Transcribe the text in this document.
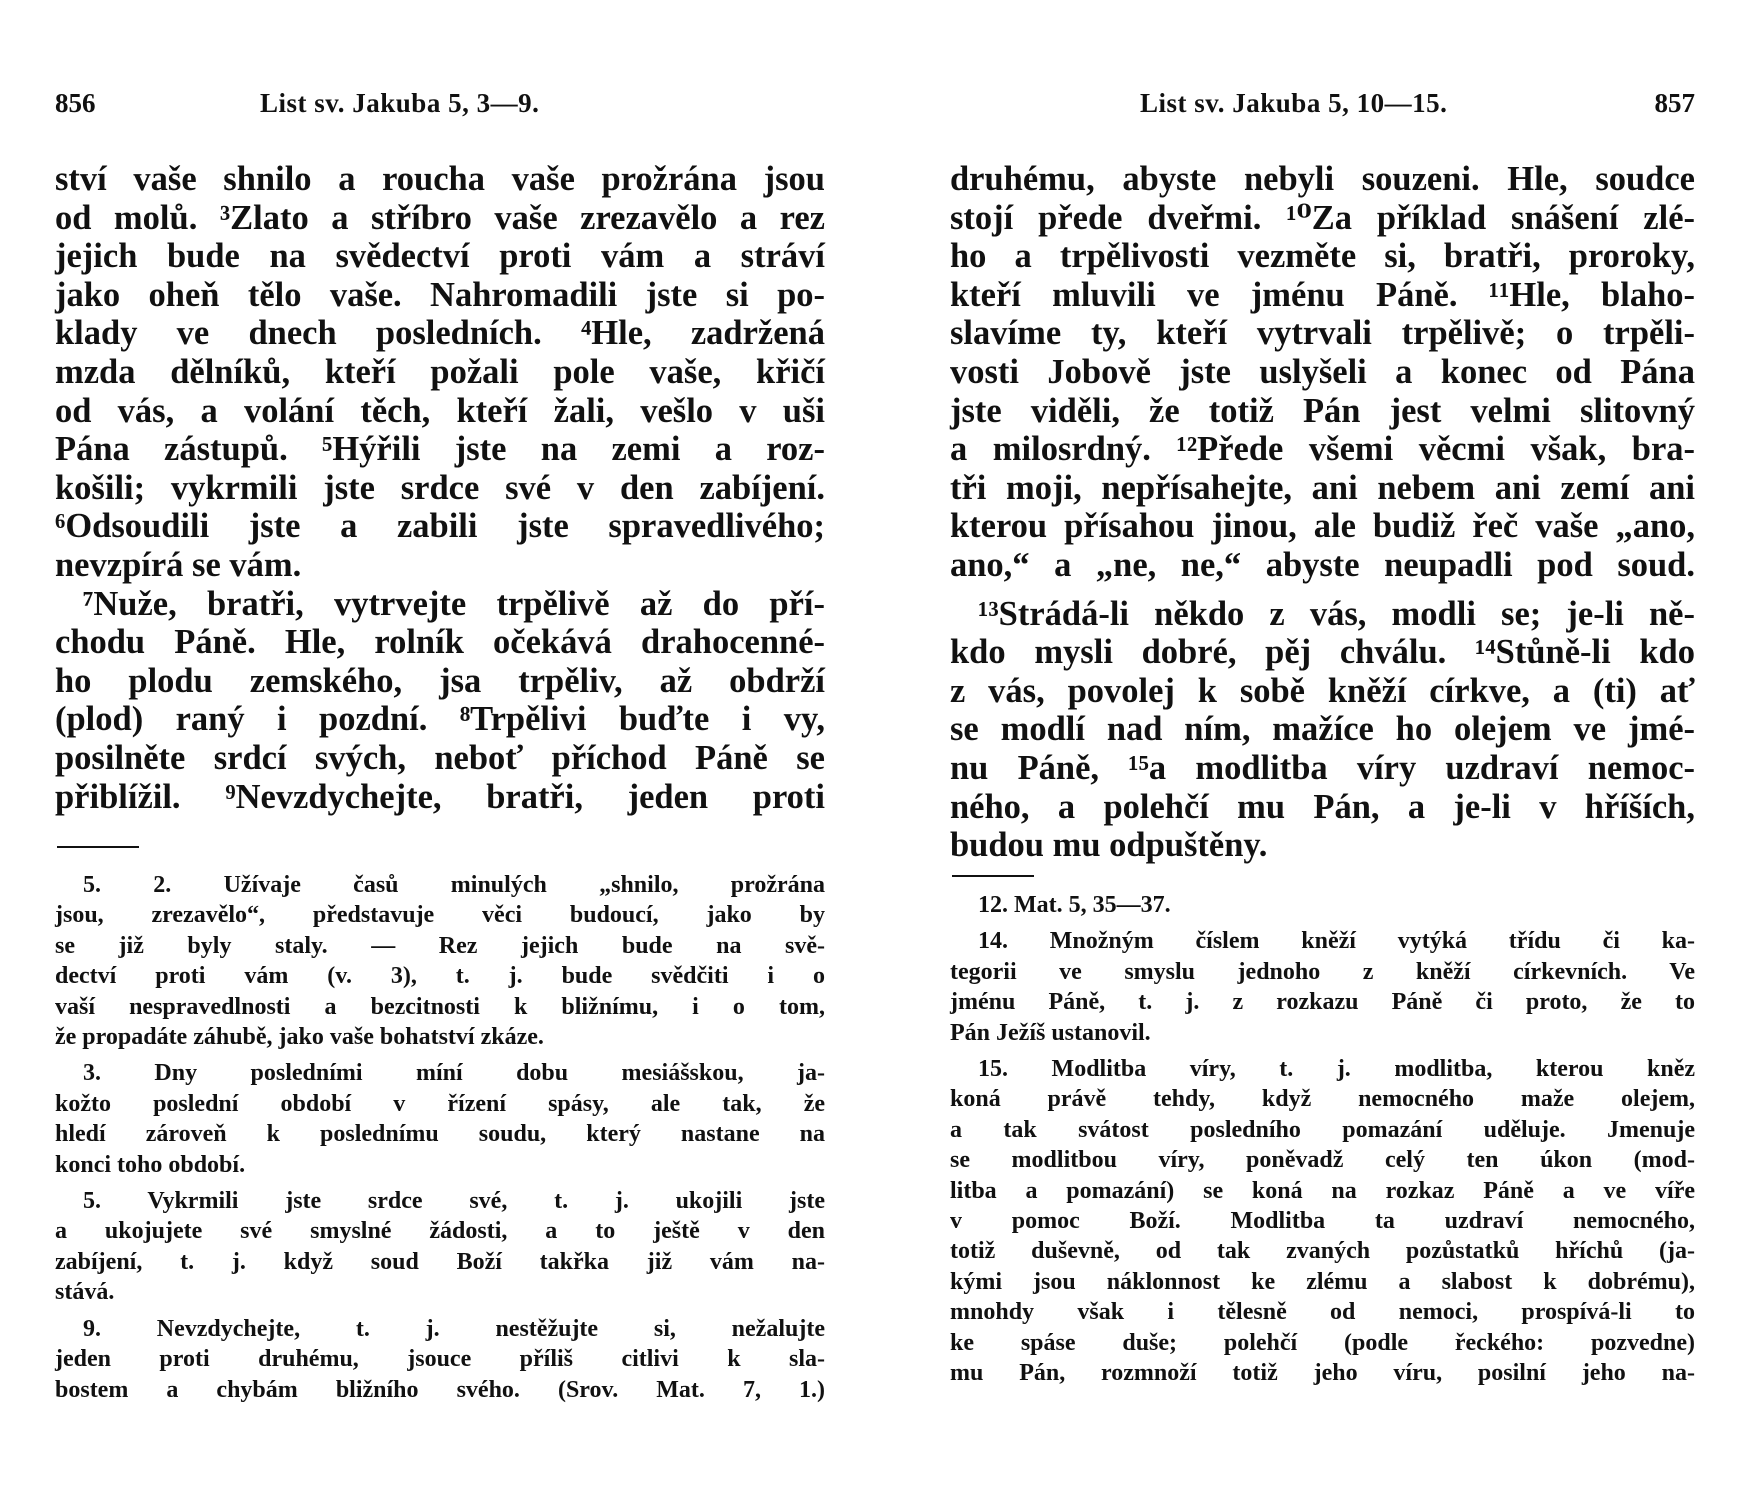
856	List sv. Jakuba 5, 3—9.
ství vaše shnilo a roucha vaše prožrána jsou
od molů. ³Zlato a stříbro vaše zrezavělo a rez
jejich bude na svědectví proti vám a stráví
jako oheň tělo vaše. Nahromadili jste si po-
klady ve dnech posledních. ⁴Hle, zadržená
mzda dělníků, kteří požali pole vaše, křičí
od vás, a volání těch, kteří žali, vešlo v uši
Pána zástupů. ⁵Hýřili jste na zemi a roz-
košili; vykrmili jste srdce své v den zabíjení.
⁶Odsoudili jste a zabili jste spravedlivého;
nevzpírá se vám.
⁷Nuže, bratři, vytrvejte trpělivě až do pří-
chodu Páně. Hle, rolník očekává drahocenné-
ho plodu zemského, jsa trpěliv, až obdrží
(plod) raný i pozdní. ⁸Trpělivi buďte i vy,
posilněte srdcí svých, neboť příchod Páně se
přiblížil. ⁹Nevzdychejte, bratři, jeden proti
5. 2. Užívaje časů minulých „shnilo, prožrána
jsou, zrezavělo“, představuje věci budoucí, jako by
se již byly staly. — Rez jejich bude na svě-
dectví proti vám (v. 3), t. j. bude svědčiti i o
vaší nespravedlnosti a bezcitnosti k bližnímu, i o tom,
že propadáte záhubě, jako vaše bohatství zkáze.
3. Dny posledními míní dobu mesiášskou, ja-
kožto poslední období v řízení spásy, ale tak, že
hledí zároveň k poslednímu soudu, který nastane na
konci toho období.
5. Vykrmili jste srdce své, t. j. ukojili jste
a ukojujete své smyslné žádosti, a to ještě v den
zabíjení, t. j. když soud Boží takřka již vám na-
stává.
9. Nevzdychejte, t. j. nestěžujte si, nežalujte
jeden proti druhému, jsouce příliš citlivi k sla-
bostem a chybám bližního svého. (Srov. Mat. 7, 1.)
List sv. Jakuba 5, 10—15.	857
druhému, abyste nebyli souzeni. Hle, soudce
stojí přede dveřmi. ¹⁰Za příklad snášení zlé-
ho a trpělivosti vezměte si, bratři, proroky,
kteří mluvili ve jménu Páně. ¹¹Hle, blaho-
slavíme ty, kteří vytrvali trpělivě; o trpěli-
vosti Jobově jste uslyšeli a konec od Pána
jste viděli, že totiž Pán jest velmi slitovný
a milosrdný. ¹²Přede všemi věcmi však, bra-
tři moji, nepřísahejte, ani nebem ani zemí ani
kterou přísahou jinou, ale budiž řeč vaše „ano,
ano,“ a „ne, ne,“ abyste neupadli pod soud.
¹³Strádá-li někdo z vás, modli se; je-li ně-
kdo mysli dobré, pěj chválu. ¹⁴Stůně-li kdo
z vás, povolej k sobě kněží církve, a (ti) ať
se modlí nad ním, mažíce ho olejem ve jmé-
nu Páně, ¹⁵a modlitba víry uzdraví nemoc-
ného, a polehčí mu Pán, a je-li v hříších,
budou mu odpuštěny.
12. Mat. 5, 35—37.
14. Množným číslem kněží vytýká třídu či ka-
tegorii ve smyslu jednoho z kněží církevních. Ve
jménu Páně, t. j. z rozkazu Páně či proto, že to
Pán Ježíš ustanovil.
15. Modlitba víry, t. j. modlitba, kterou kněz
koná právě tehdy, když nemocného maže olejem,
a tak svátost posledního pomazání uděluje. Jmenuje
se modlitbou víry, poněvadž celý ten úkon (mod-
litba a pomazání) se koná na rozkaz Páně a ve víře
v pomoc Boží. Modlitba ta uzdraví nemocného,
totiž duševně, od tak zvaných pozůstatků hříchů (ja-
kými jsou náklonnost ke zlému a slabost k dobrému),
mnohdy však i tělesně od nemoci, prospívá-li to
ke spáse duše; polehčí (podle řeckého: pozvedne)
mu Pán, rozmnoží totiž jeho víru, posilní jeho na-
